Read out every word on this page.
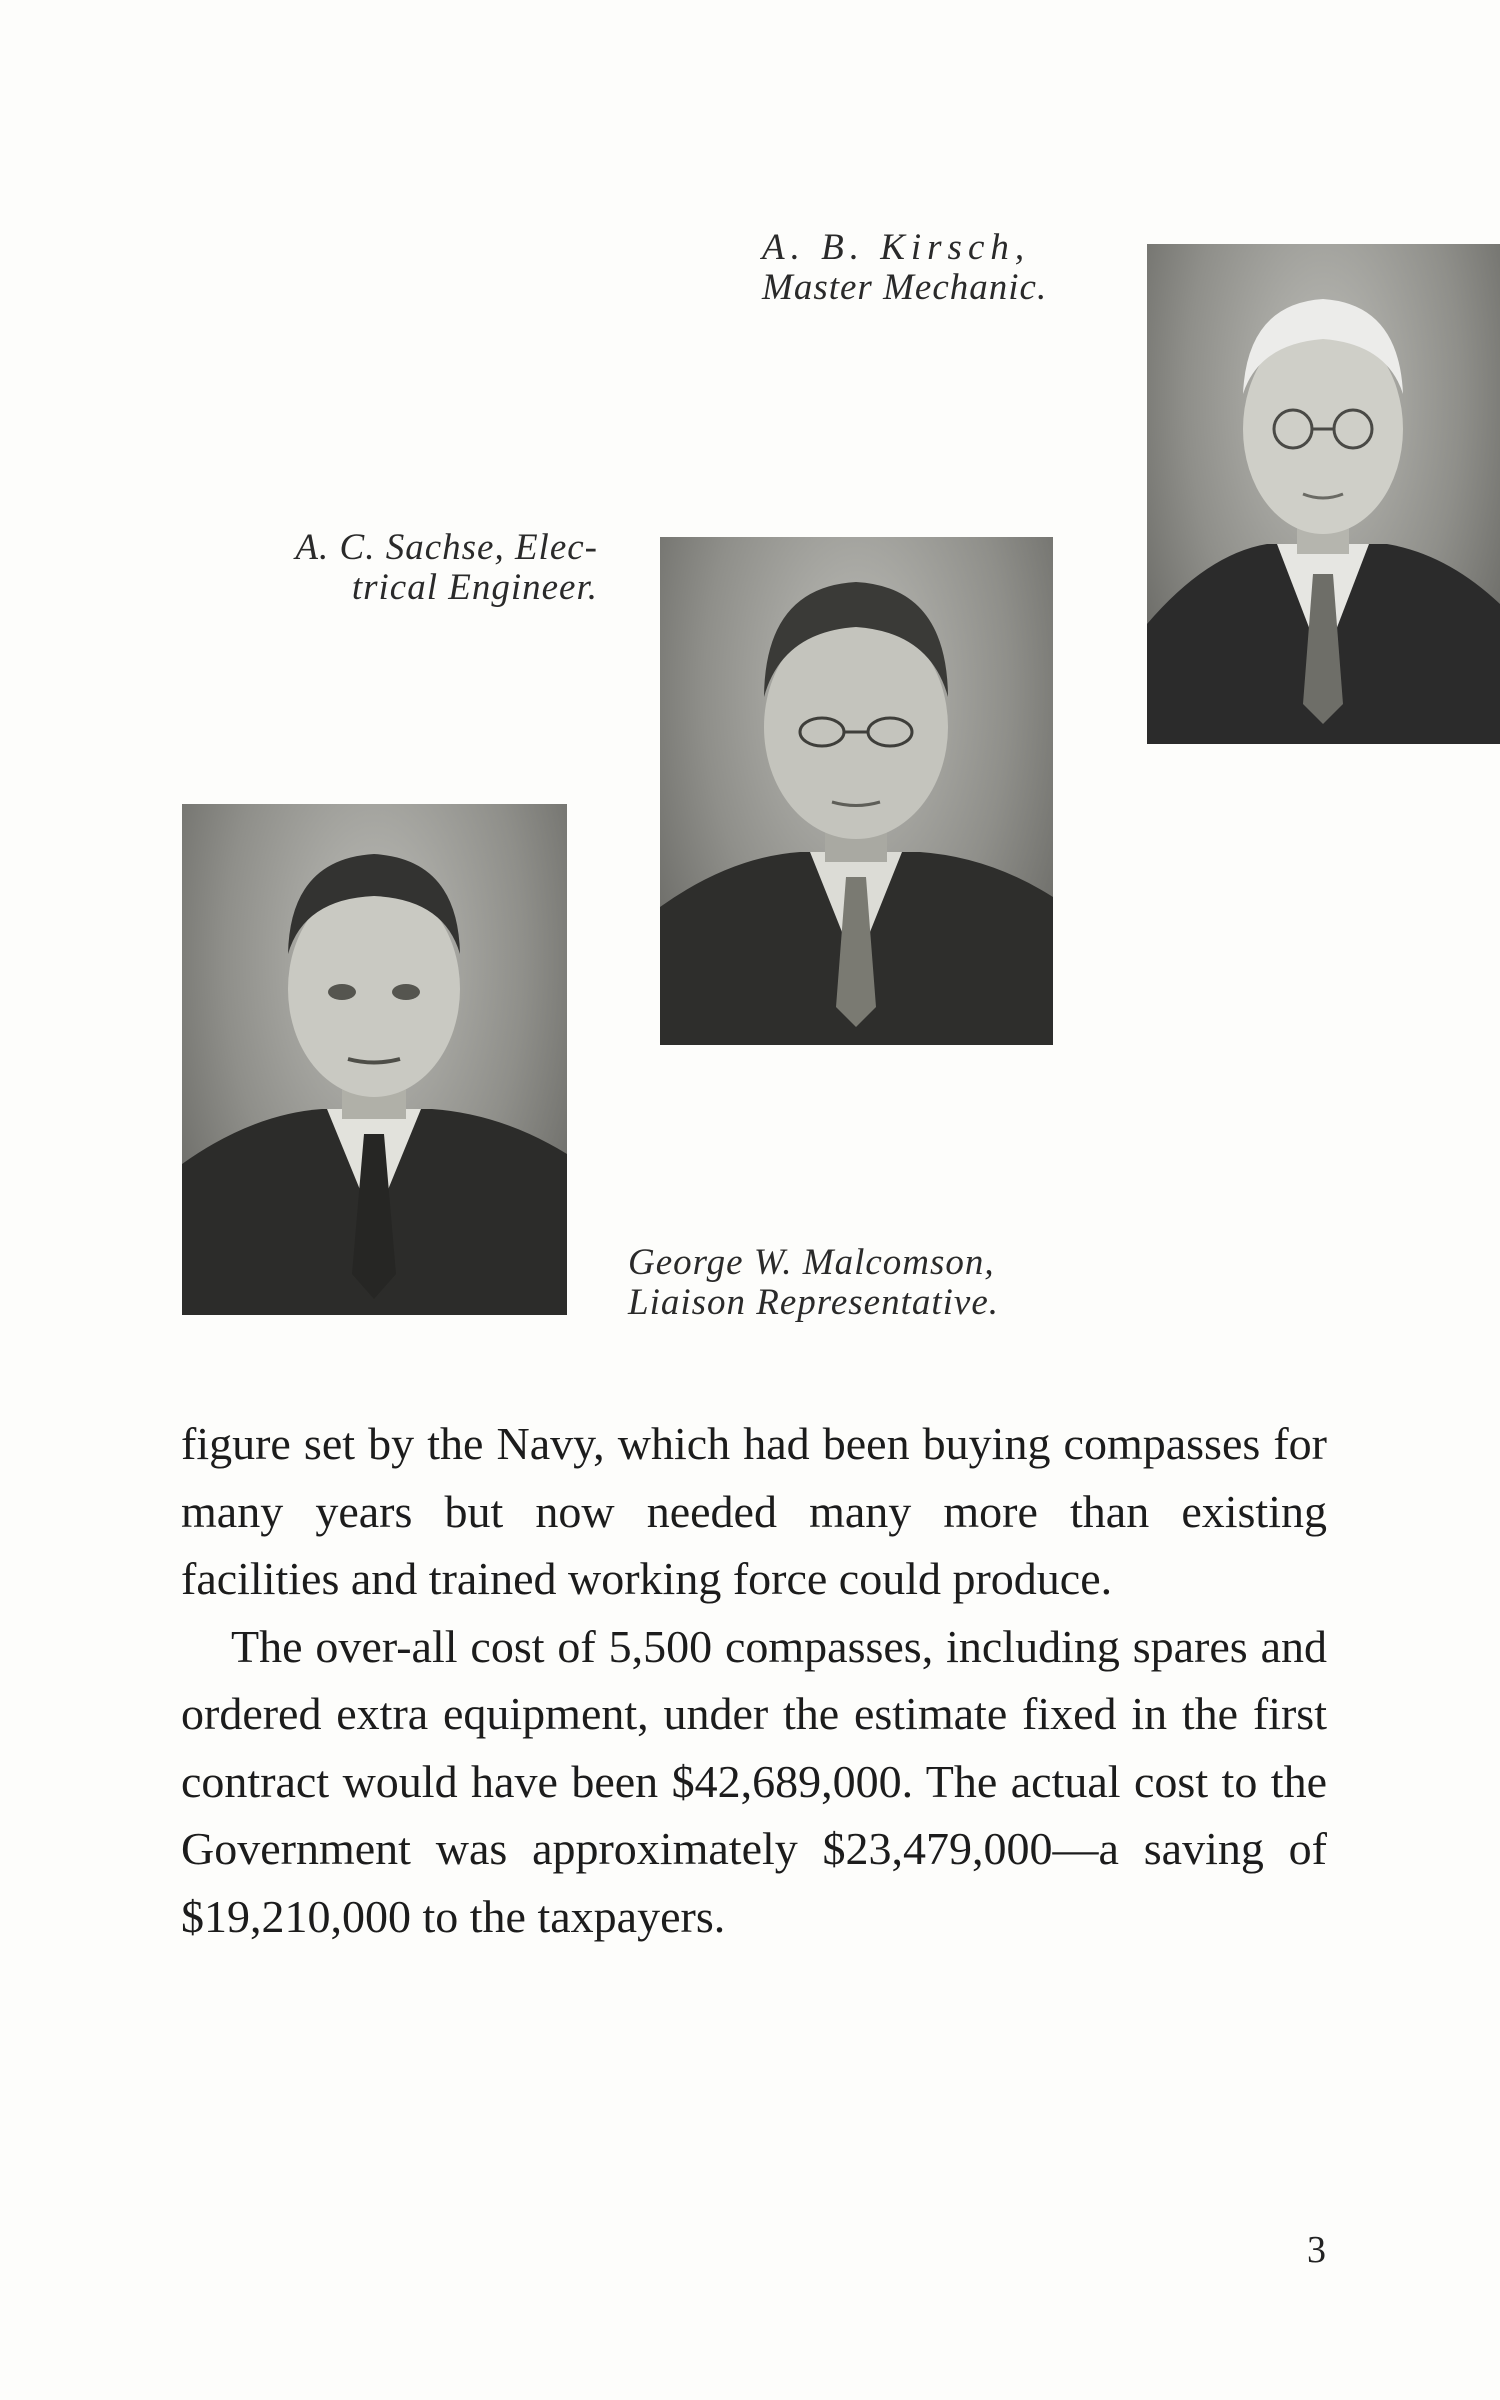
A. B. Kirsch,
Master Mechanic.
A. C. Sachse, Elec-
trical Engineer.
George W. Malcomson,
Liaison Representative.

figure set by the Navy, which had been buying compasses for many years but now needed many more than existing facilities and trained working force could produce.

The over-all cost of 5,500 compasses, including spares and ordered extra equipment, under the estimate fixed in the first contract would have been $42,689,000. The actual cost to the Government was approximately $23,479,000—a saving of $19,210,000 to the taxpayers.

3
